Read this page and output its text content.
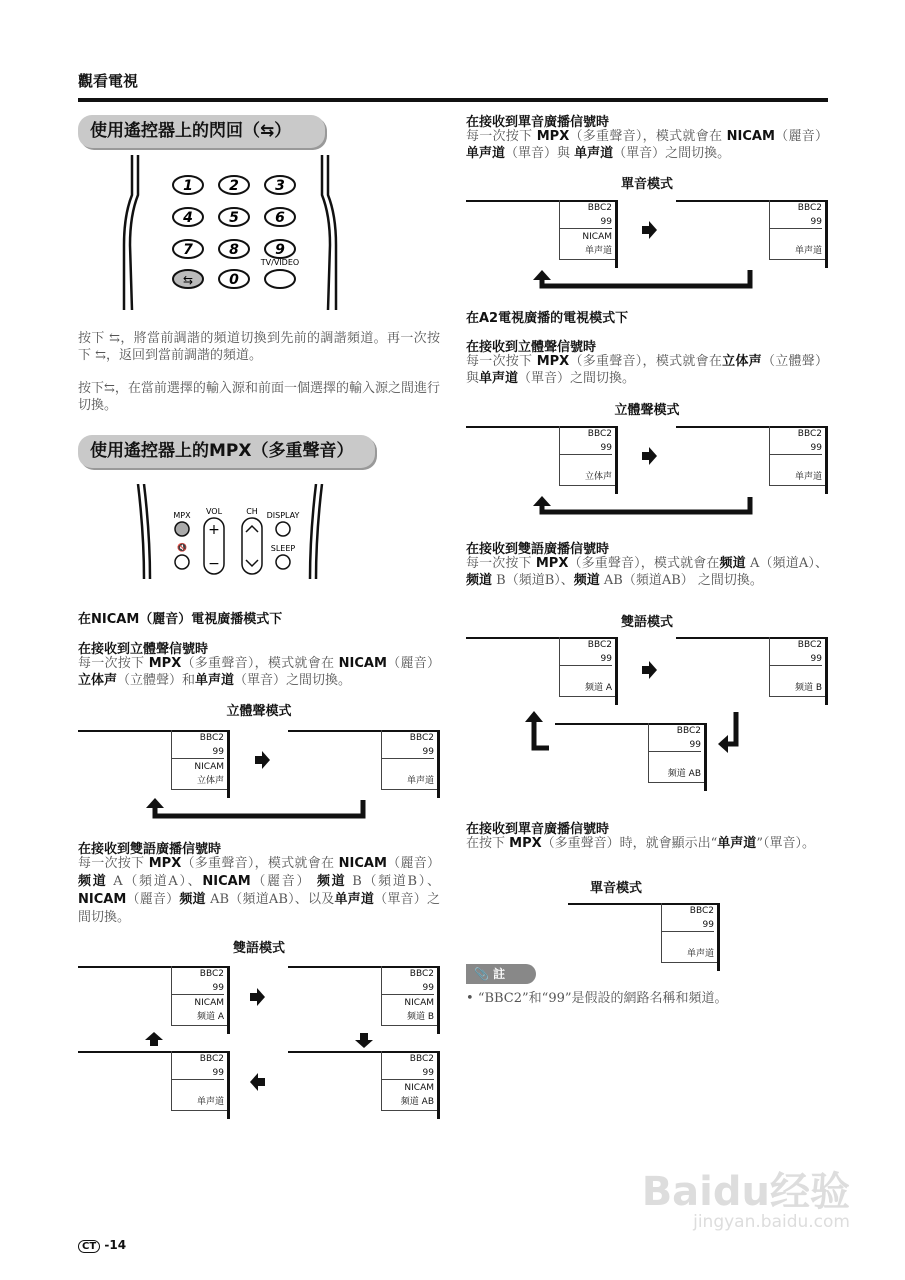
觀看電視
使用遙控器上的閃回（⇆）
1	2	3
4	5	6
7	8	9
0
TV/VIDEO
⇆
按下 ⇆，將當前調諧的頻道切換到先前的調諧頻道。再一次按下 ⇆，返回到當前調諧的頻道。
按下⇆，在當前選擇的輸入源和前面一個選擇的輸入源之間進行切換。
使用遙控器上的MPX（多重聲音）
MPX
🔇
VOL
+
−
CH DISPLAY
SLEEP
在NICAM（麗音）電視廣播模式下
在接收到立體聲信號時
每一次按下 MPX（多重聲音），模式就會在 NICAM（麗音） 立体声（立體聲）和单声道（單音）之間切換。
立體聲模式
BBC2
99
NICAM
立体声
BBC2
99

单声道
在接收到雙語廣播信號時
每一次按下 MPX（多重聲音），模式就會在 NICAM（麗音）频道 A（頻道A）、NICAM（麗音） 频道 B（頻道B）、NICAM（麗音）频道 AB（頻道AB）、以及单声道（單音）之間切換。
雙語模式
BBC2
99
NICAM
频道 A
BBC2
99
NICAM
频道 B
BBC2
99

单声道
BBC2
99
NICAM
频道 AB
在接收到單音廣播信號時
每一次按下 MPX（多重聲音），模式就會在 NICAM（麗音）单声道（單音）與 单声道（單音）之間切換。
單音模式
BBC2
99
NICAM
单声道
BBC2
99

单声道
在A2電視廣播的電視模式下
在接收到立體聲信號時
每一次按下 MPX（多重聲音），模式就會在立体声（立體聲）與单声道（單音）之間切換。
立體聲模式
BBC2
99

立体声
BBC2
99

单声道
在接收到雙語廣播信號時
每一次按下 MPX（多重聲音），模式就會在频道 A（頻道A）、 频道 B（頻道B）、频道 AB（頻道AB） 之間切換。
雙語模式
BBC2
99

频道 A
BBC2
99

频道 B
BBC2
99

频道 AB
在接收到單音廣播信號時
在按下 MPX（多重聲音）時，就會顯示出“单声道”（單音）。
單音模式
BBC2
99

单声道
📎 註
• “BBC2”和“99”是假設的網路名稱和頻道。
CT -14
Baidu经验
jingyan.baidu.com
